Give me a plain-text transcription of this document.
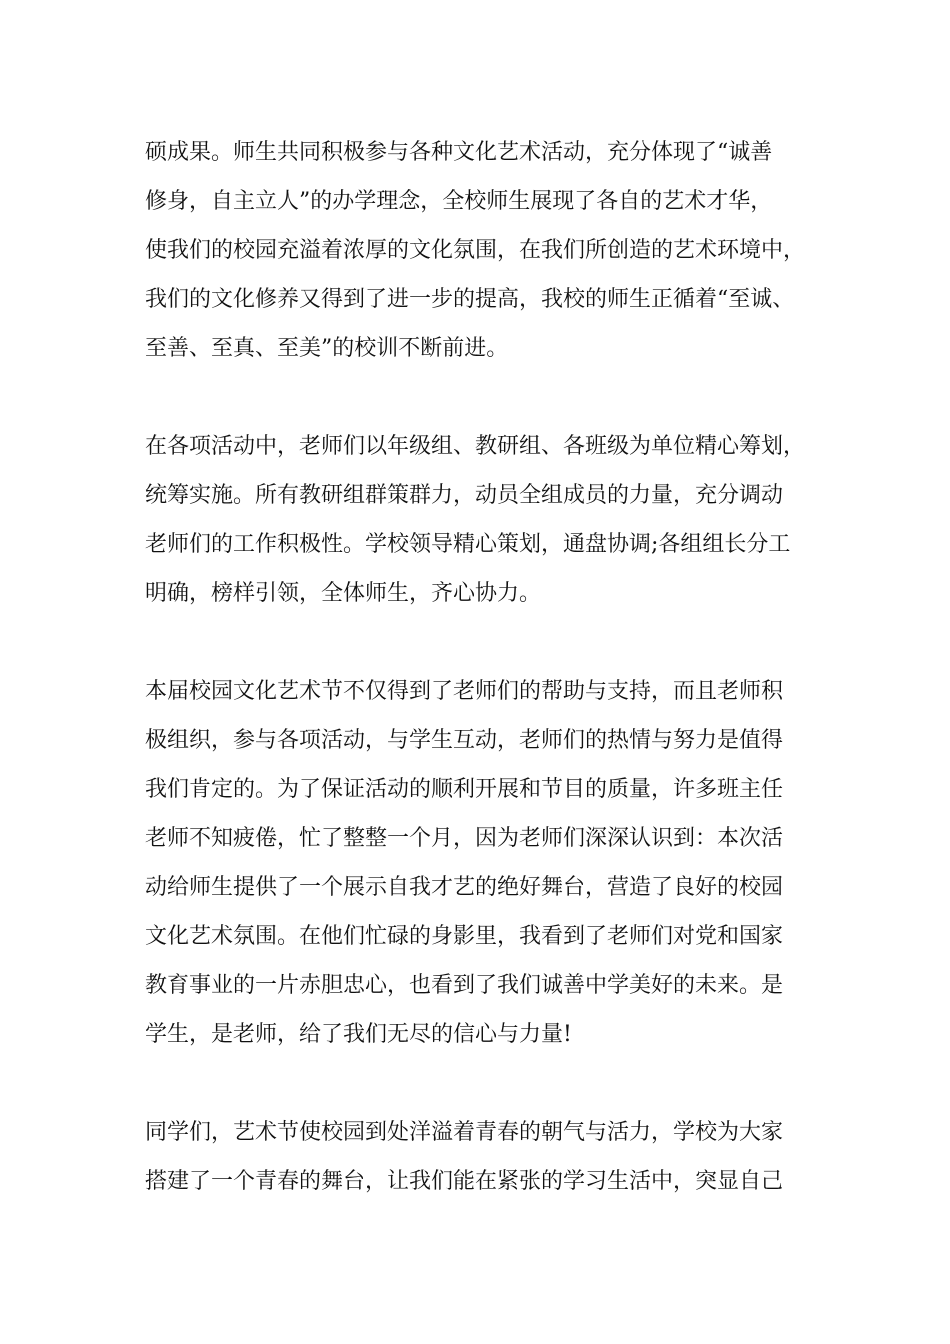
硕成果。师生共同积极参与各种文化艺术活动，充分体现了“诚善
修身，自主立人”的办学理念，全校师生展现了各自的艺术才华，
使我们的校园充溢着浓厚的文化氛围，在我们所创造的艺术环境中，
我们的文化修养又得到了进一步的提高，我校的师生正循着“至诚、
至善、至真、至美”的校训不断前进。
在各项活动中，老师们以年级组、教研组、各班级为单位精心筹划，
统筹实施。所有教研组群策群力，动员全组成员的力量，充分调动
老师们的工作积极性。学校领导精心策划，通盘协调;各组组长分工
明确，榜样引领，全体师生，齐心协力。
本届校园文化艺术节不仅得到了老师们的帮助与支持，而且老师积
极组织，参与各项活动，与学生互动，老师们的热情与努力是值得
我们肯定的。为了保证活动的顺利开展和节目的质量，许多班主任
老师不知疲倦，忙了整整一个月，因为老师们深深认识到：本次活
动给师生提供了一个展示自我才艺的绝好舞台，营造了良好的校园
文化艺术氛围。在他们忙碌的身影里，我看到了老师们对党和国家
教育事业的一片赤胆忠心，也看到了我们诚善中学美好的未来。是
学生，是老师，给了我们无尽的信心与力量!
同学们，艺术节使校园到处洋溢着青春的朝气与活力，学校为大家
搭建了一个青春的舞台，让我们能在紧张的学习生活中，突显自己
